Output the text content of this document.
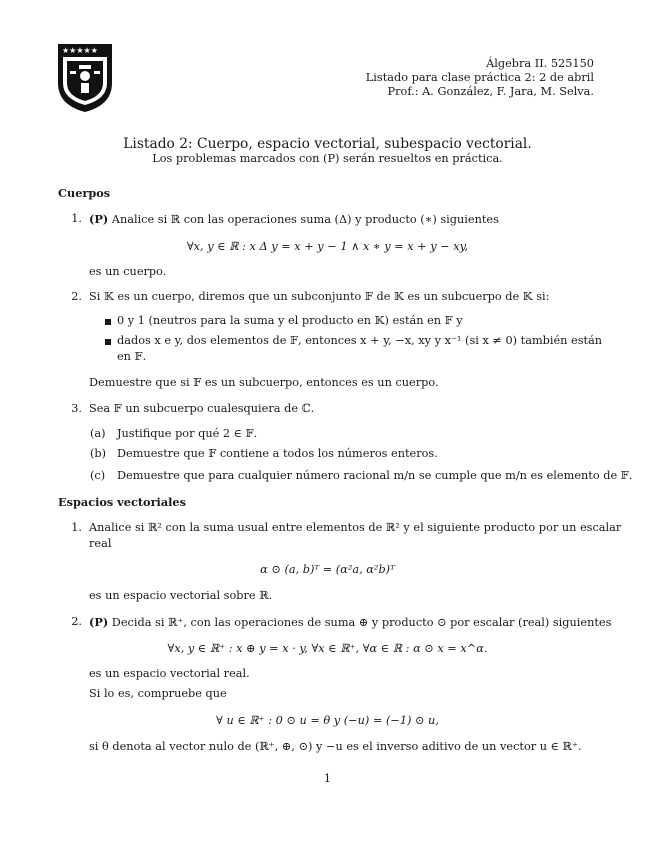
★★★★★
Álgebra II. 525150
Listado para clase práctica 2: 2 de abril
Prof.: A. González, F. Jara, M. Selva.
Listado 2: Cuerpo, espacio vectorial, subespacio vectorial.
Los problemas marcados con (P) serán resueltos en práctica.
Cuerpos
1. (P) Analice si ℝ con las operaciones suma (Δ) y producto (∗) siguientes
∀x, y ∈ ℝ : x Δ y = x + y − 1 ∧ x ∗ y = x + y − xy,
es un cuerpo.
2. Si 𝕂 es un cuerpo, diremos que un subconjunto 𝔽 de 𝕂 es un subcuerpo de 𝕂 si:
0 y 1 (neutros para la suma y el producto en 𝕂) están en 𝔽 y
dados x e y, dos elementos de 𝔽, entonces x + y, −x, xy y x⁻¹ (si x ≠ 0) también están
en 𝔽.
Demuestre que si 𝔽 es un subcuerpo, entonces es un cuerpo.
3. Sea 𝔽 un subcuerpo cualesquiera de ℂ.
(a) Justifique por qué 2 ∈ 𝔽.
(b) Demuestre que 𝔽 contiene a todos los números enteros.
(c) Demuestre que para cualquier número racional m/n se cumple que m/n es elemento de 𝔽.
Espacios vectoriales
1. Analice si ℝ² con la suma usual entre elementos de ℝ² y el siguiente producto por un escalar
real
α ⊙ (a, b)ᵀ = (α²a, α²b)ᵀ
es un espacio vectorial sobre ℝ.
2. (P) Decida si ℝ⁺, con las operaciones de suma ⊕ y producto ⊙ por escalar (real) siguientes
∀x, y ∈ ℝ⁺ : x ⊕ y = x · y, ∀x ∈ ℝ⁺, ∀α ∈ ℝ : α ⊙ x = x^α.
es un espacio vectorial real.
Si lo es, compruebe que
∀ u ∈ ℝ⁺ : 0 ⊙ u = θ y (−u) = (−1) ⊙ u,
si θ denota al vector nulo de (ℝ⁺, ⊕, ⊙) y −u es el inverso aditivo de un vector u ∈ ℝ⁺.
1
